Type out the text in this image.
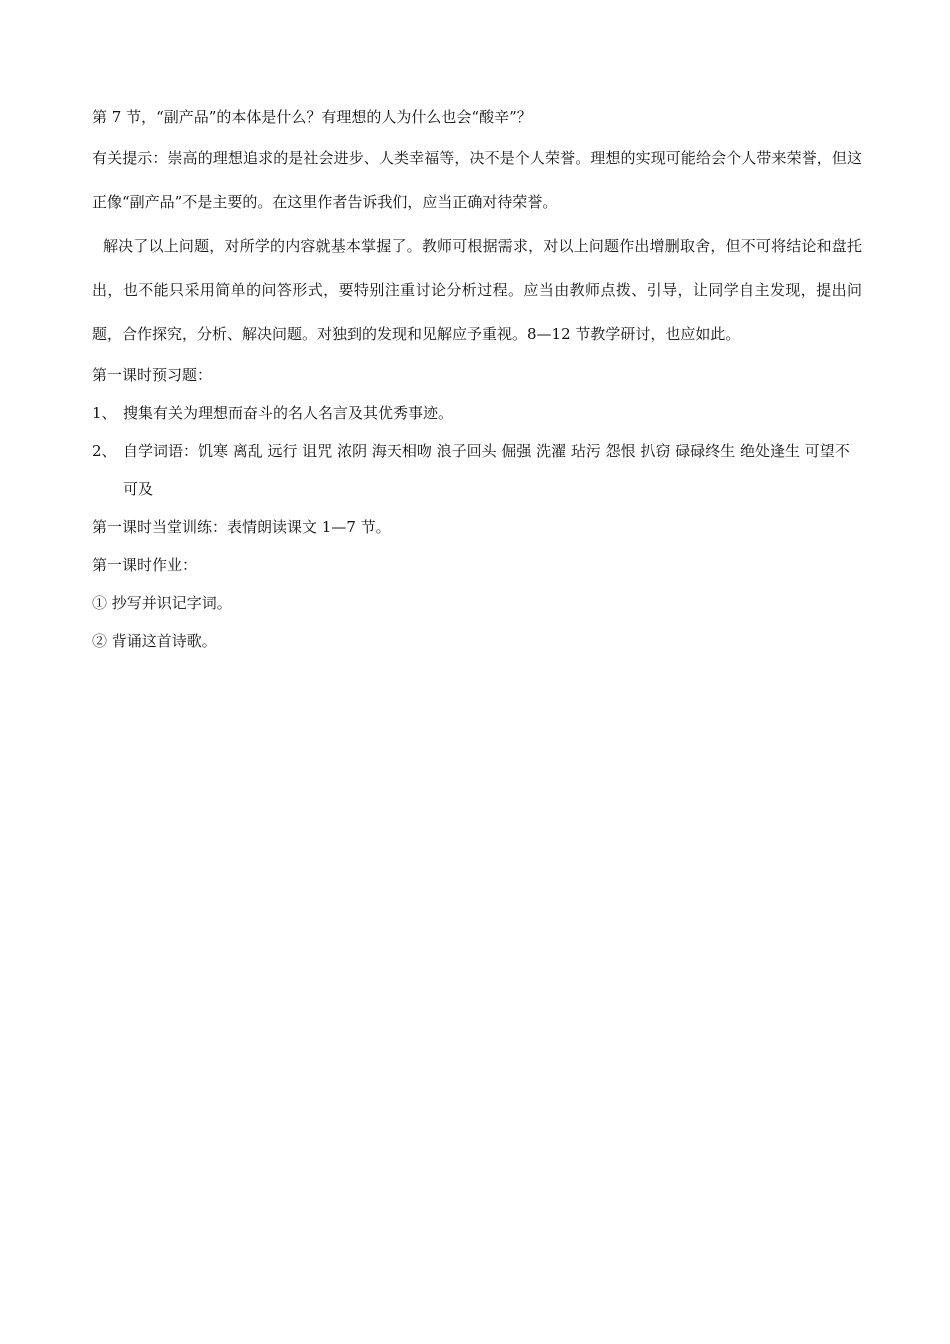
第 7 节，“副产品”的本体是什么？有理想的人为什么也会“酸辛”？

有关提示：崇高的理想追求的是社会进步、人类幸福等，决不是个人荣誉。理想的实现可能给会个人带来荣誉，但这正像“副产品”不是主要的。在这里作者告诉我们，应当正确对待荣誉。

解决了以上问题，对所学的内容就基本掌握了。教师可根据需求，对以上问题作出增删取舍，但不可将结论和盘托出，也不能只采用简单的问答形式，要特别注重讨论分析过程。应当由教师点拨、引导，让同学自主发现，提出问题，合作探究，分析、解决问题。对独到的发现和见解应予重视。8—12 节教学研讨，也应如此。

第一课时预习题：

1、 搜集有关为理想而奋斗的名人名言及其优秀事迹。
2、 自学词语：饥寒 离乱 远行 诅咒 浓阴 海天相吻 浪子回头 倔强 洗濯 玷污 怨恨 扒窃 碌碌终生 绝处逢生 可望不可及

第一课时当堂训练：表情朗读课文 1—7 节。

第一课时作业：

① 抄写并识记字词。

② 背诵这首诗歌。
